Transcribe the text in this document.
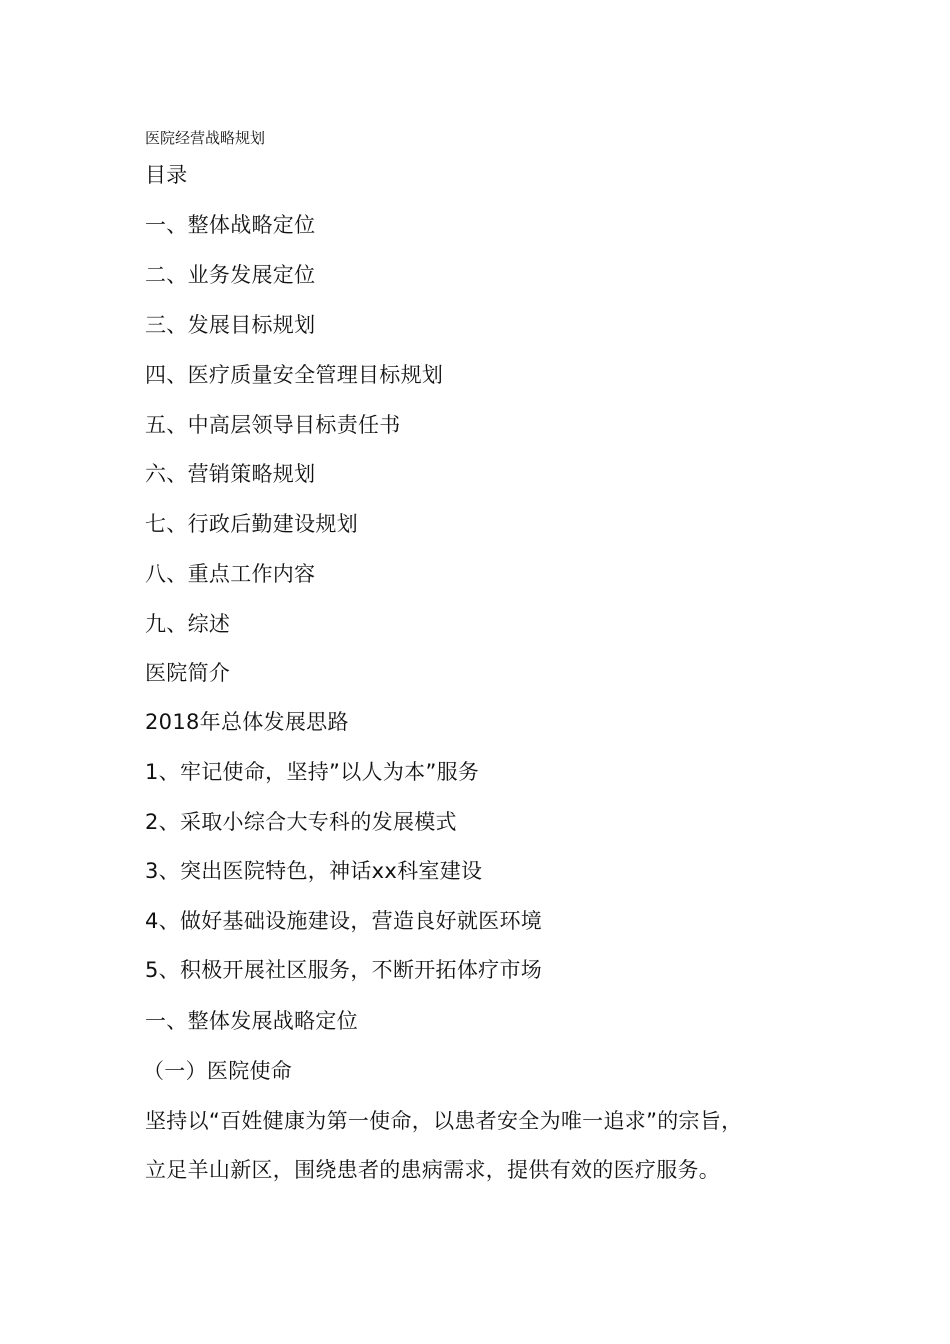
医院经营战略规划
目录
一、整体战略定位
二、业务发展定位
三、发展目标规划
四、医疗质量安全管理目标规划
五、中高层领导目标责任书
六、营销策略规划
七、行政后勤建设规划
八、重点工作内容
九、综述
医院简介
2018年总体发展思路
1、牢记使命，坚持”以人为本”服务
2、采取小综合大专科的发展模式
3、突出医院特色，神话xx科室建设
4、做好基础设施建设，营造良好就医环境
5、积极开展社区服务，不断开拓体疗市场
一、整体发展战略定位
（一）医院使命
坚持以“百姓健康为第一使命，以患者安全为唯一追求”的宗旨，
立足羊山新区，围绕患者的患病需求，提供有效的医疗服务。
